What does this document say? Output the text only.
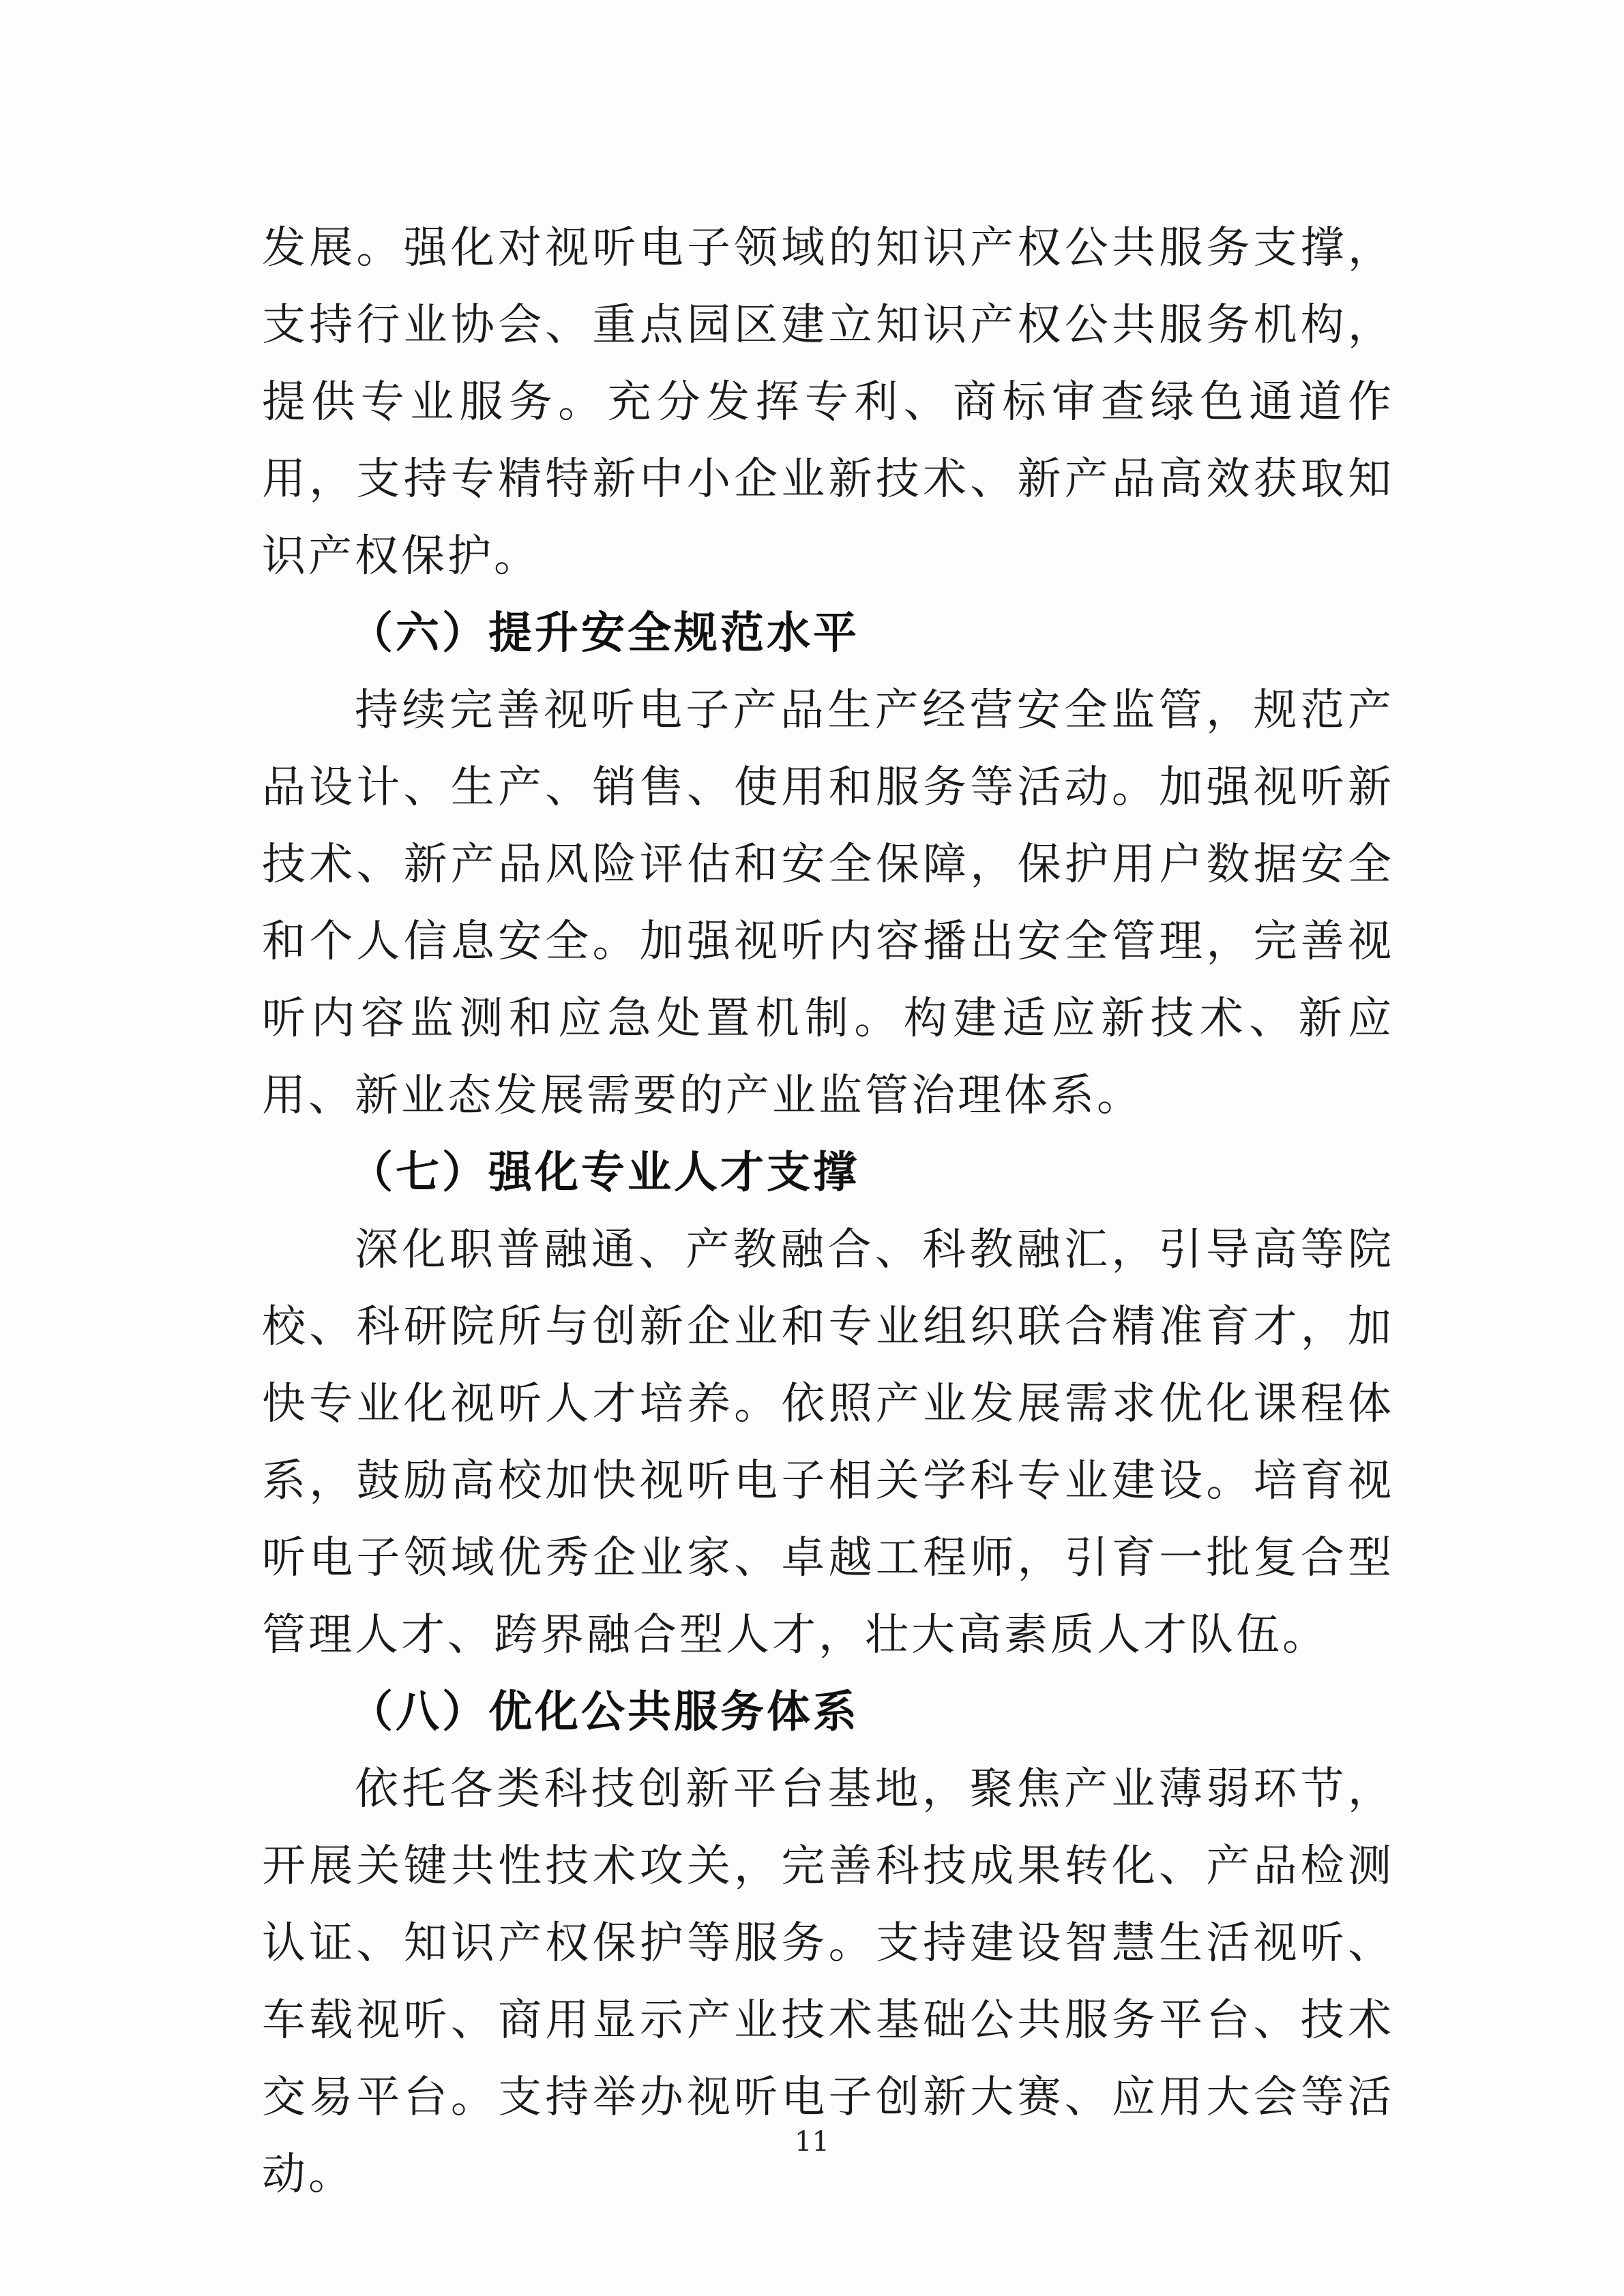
发展。强化对视听电子领域的知识产权公共服务支撑，支持行业协会、重点园区建立知识产权公共服务机构，提供专业服务。充分发挥专利、商标审查绿色通道作用，支持专精特新中小企业新技术、新产品高效获取知识产权保护。

（六）提升安全规范水平

持续完善视听电子产品生产经营安全监管，规范产品设计、生产、销售、使用和服务等活动。加强视听新技术、新产品风险评估和安全保障，保护用户数据安全和个人信息安全。加强视听内容播出安全管理，完善视听内容监测和应急处置机制。构建适应新技术、新应用、新业态发展需要的产业监管治理体系。

（七）强化专业人才支撑

深化职普融通、产教融合、科教融汇，引导高等院校、科研院所与创新企业和专业组织联合精准育才，加快专业化视听人才培养。依照产业发展需求优化课程体系，鼓励高校加快视听电子相关学科专业建设。培育视听电子领域优秀企业家、卓越工程师，引育一批复合型管理人才、跨界融合型人才，壮大高素质人才队伍。

（八）优化公共服务体系

依托各类科技创新平台基地，聚焦产业薄弱环节，开展关键共性技术攻关，完善科技成果转化、产品检测认证、知识产权保护等服务。支持建设智慧生活视听、车载视听、商用显示产业技术基础公共服务平台、技术交易平台。支持举办视听电子创新大赛、应用大会等活动。

11
